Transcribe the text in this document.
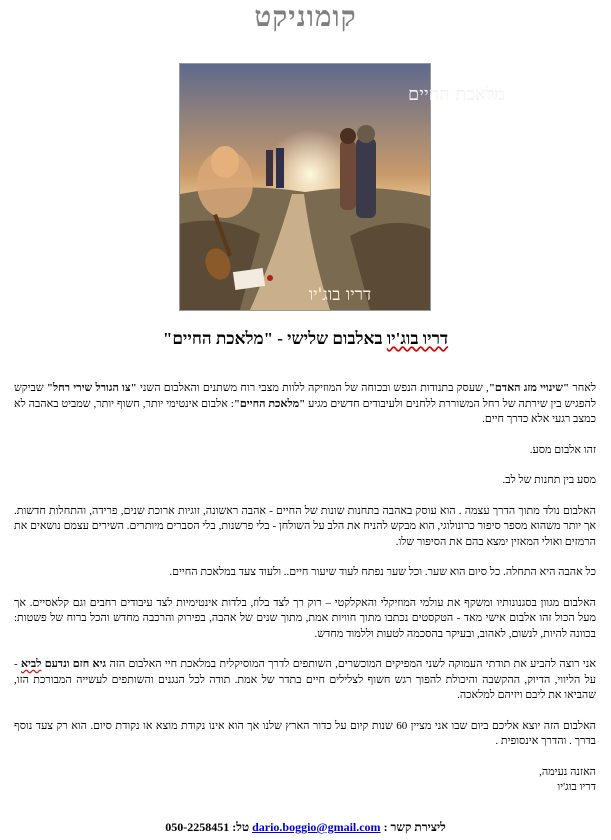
קומוניקט
מלאכת החיים
דריו בוג'יו
דריו בוג'יו באלבום שלישי - "מלאכת החיים"

לאחר "שינויי מזג האדם", שעסק בתנודות הנפש ובכוחה של המוזיקה ללוות מצבי רוח משתנים והאלבום השני "צו הגורל שירי רחל" שביקש להפגיש בין שירתה של רחל המשוררת ללחנים ולעיבודים חדשים מגיע "מלאכת החיים": אלבום אינטימי יותר, חשוף יותר, שמביט באהבה לא כמצב רגעי אלא כדרך חיים.

זהו אלבום מסע.

מסע בין תחנות של לב.

האלבום נולד מתוך הדרך עצמה . הוא עוסק באהבה בתחנות שונות של החיים - אהבה ראשונה, זוגיות ארוכת שנים, פרידה, והתחלות חדשות. אך יותר משהוא מספר סיפור כרונולוגי, הוא מבקש להניח את הלב על השולחן - בלי פרשנות, בלי הסברים מיותרים. השירים עצמם נושאים את הרמזים ואולי המאזין ימצא בהם את הסיפור שלו.

כל אהבה היא התחלה. כל סיום הוא שער. וכל שער נפתח לעוד שיעור חיים.. ולעוד צעד במלאכת החיים.

האלבום מגוון בסגנונותיו ומשקף את עולמי המוזיקלי והאקלקטי – רוק רך לצד בלוז, בלדות אינטימיות לצד עיבודים רחבים וגם קלאסיים. אך מעל הכול זהו אלבום אישי מאד - הטקסטים נכתבו מתוך חוויות אמת, מתוך שנים של אהבה, בפירוק והרכבה מחדש והכל ברוח של פשטות: בכוונה להיות, לנשום, לאהוב, ובעיקר בהסכמה לטעות וללמוד מחדש.

אני רוצה להביע את תודתי העמוקה לשני המפיקים המוכשרים, השותפים לדרך המוסיקלית במלאכת חיי האלבום הזה גיא חזם ונדעם לביא - על הליווי, הדיוק, ההקשבה והיכולת להפוך רגש חשוף לצלילים חיים בתדר של אמת. תודה לכל הנגנים והשותפים לעשייה המבורכת הזו, שהביאו את ליבם ויזיהם למלאכה.

האלבום הזה יוצא אליכם ביום שבו אני מציין 60 שנות קיום על כדור הארץ שלנו אך הוא אינו נקודת מוצא או נקודת סיום. הוא רק צעד נוסף בדרך . והדרך אינסופית .

האזנה נעימה,

דריו בוג'יו

ליצירת קשר : dario.boggio@gmail.com טל: 050-2258451
